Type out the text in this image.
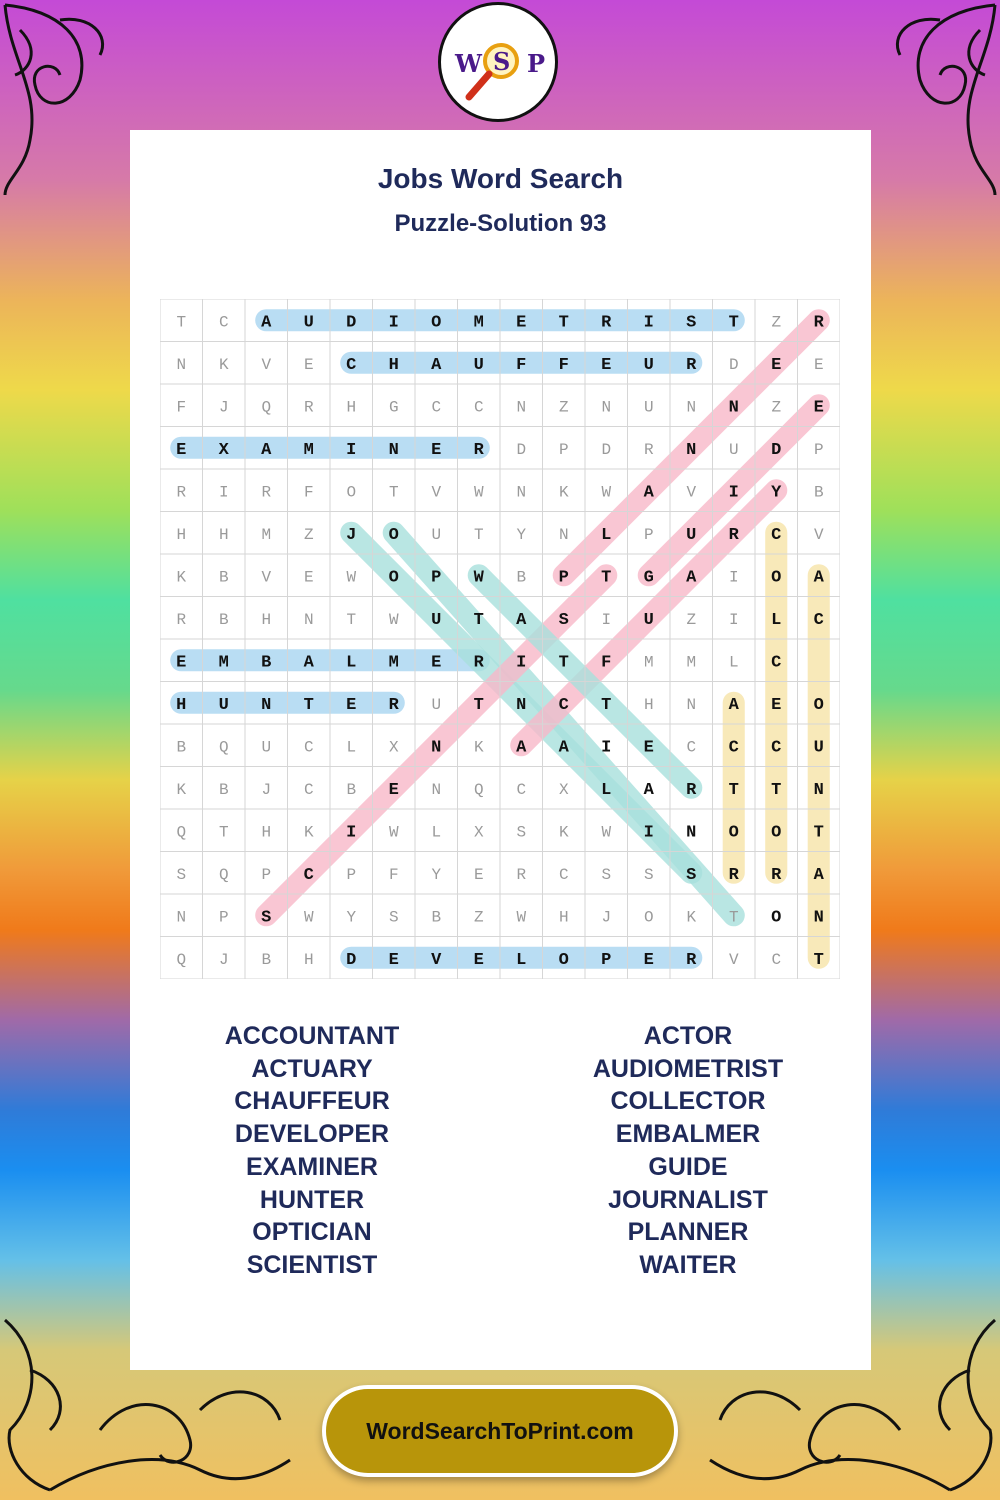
W S P
Jobs Word Search
Puzzle-Solution 93
T C A U D I O M E T R I S T Z R
N K V E C H A U F F E U R D E E
F J Q R H G C C N Z N U N N Z E
E X A M I N E R D P D R N U D P
R I R F O T V W N K W A V I Y B
H H M Z J O U T Y N L P U R C V
K B V E W O P W B P T G A I O A
R B H N T W U T A S I U Z I L C
E M B A L M E R I T F M M L C
H U N T E R U T N C T H N A E O
B Q U C L X N K A A I E C C C U
K B J C B E N Q C X L A R T T N
Q T H K I W L X S K W I N O O T
S Q P C P F Y E R C S S S R R A
N P S W Y S B Z W H J O K T O N
Q J B H D E V E L O P E R V C T
ACCOUNTANT
ACTUARY
CHAUFFEUR
DEVELOPER
EXAMINER
HUNTER
OPTICIAN
SCIENTIST
ACTOR
AUDIOMETRIST
COLLECTOR
EMBALMER
GUIDE
JOURNALIST
PLANNER
WAITER
WordSearchToPrint.com
